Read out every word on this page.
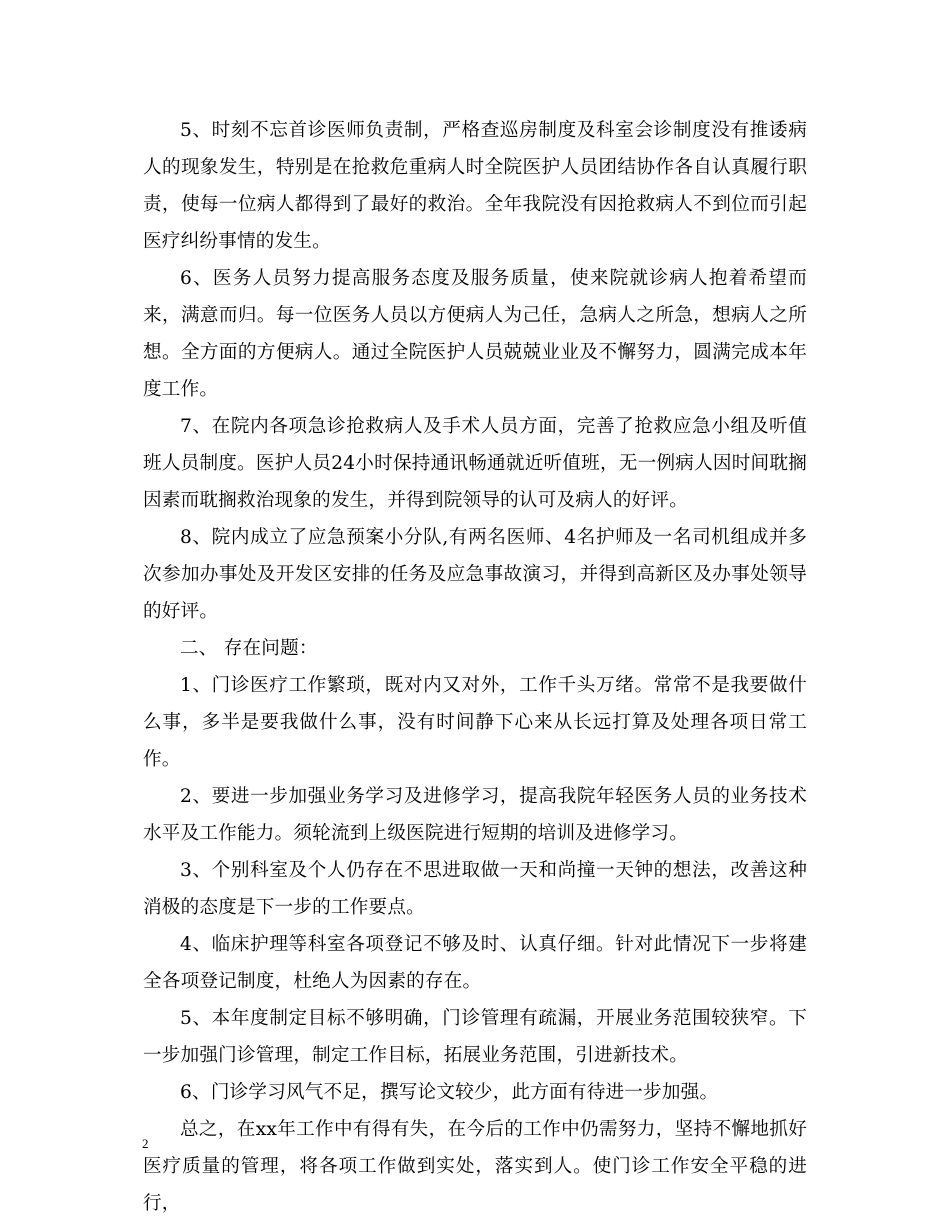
5、时刻不忘首诊医师负责制，严格查巡房制度及科室会诊制度没有推诿病人的现象发生，特别是在抢救危重病人时全院医护人员团结协作各自认真履行职责，使每一位病人都得到了最好的救治。全年我院没有因抢救病人不到位而引起医疗纠纷事情的发生。

6、医务人员努力提高服务态度及服务质量，使来院就诊病人抱着希望而来，满意而归。每一位医务人员以方便病人为己任，急病人之所急，想病人之所想。全方面的方便病人。通过全院医护人员兢兢业业及不懈努力，圆满完成本年度工作。

7、在院内各项急诊抢救病人及手术人员方面，完善了抢救应急小组及听值班人员制度。医护人员24小时保持通讯畅通就近听值班，无一例病人因时间耽搁因素而耽搁救治现象的发生，并得到院领导的认可及病人的好评。

8、院内成立了应急预案小分队,有两名医师、4名护师及一名司机组成并多次参加办事处及开发区安排的任务及应急事故演习，并得到高新区及办事处领导的好评。

二、 存在问题：

1、门诊医疗工作繁琐，既对内又对外，工作千头万绪。常常不是我要做什么事，多半是要我做什么事，没有时间静下心来从长远打算及处理各项日常工作。

2、要进一步加强业务学习及进修学习，提高我院年轻医务人员的业务技术水平及工作能力。须轮流到上级医院进行短期的培训及进修学习。

3、个别科室及个人仍存在不思进取做一天和尚撞一天钟的想法，改善这种消极的态度是下一步的工作要点。

4、临床护理等科室各项登记不够及时、认真仔细。针对此情况下一步将建全各项登记制度，杜绝人为因素的存在。

5、本年度制定目标不够明确，门诊管理有疏漏，开展业务范围较狭窄。下一步加强门诊管理，制定工作目标，拓展业务范围，引进新技术。

6、门诊学习风气不足，撰写论文较少，此方面有待进一步加强。

总之，在xx年工作中有得有失，在今后的工作中仍需努力，坚持不懈地抓好医疗质量的管理，将各项工作做到实处，落实到人。使门诊工作安全平稳的进行，

2
